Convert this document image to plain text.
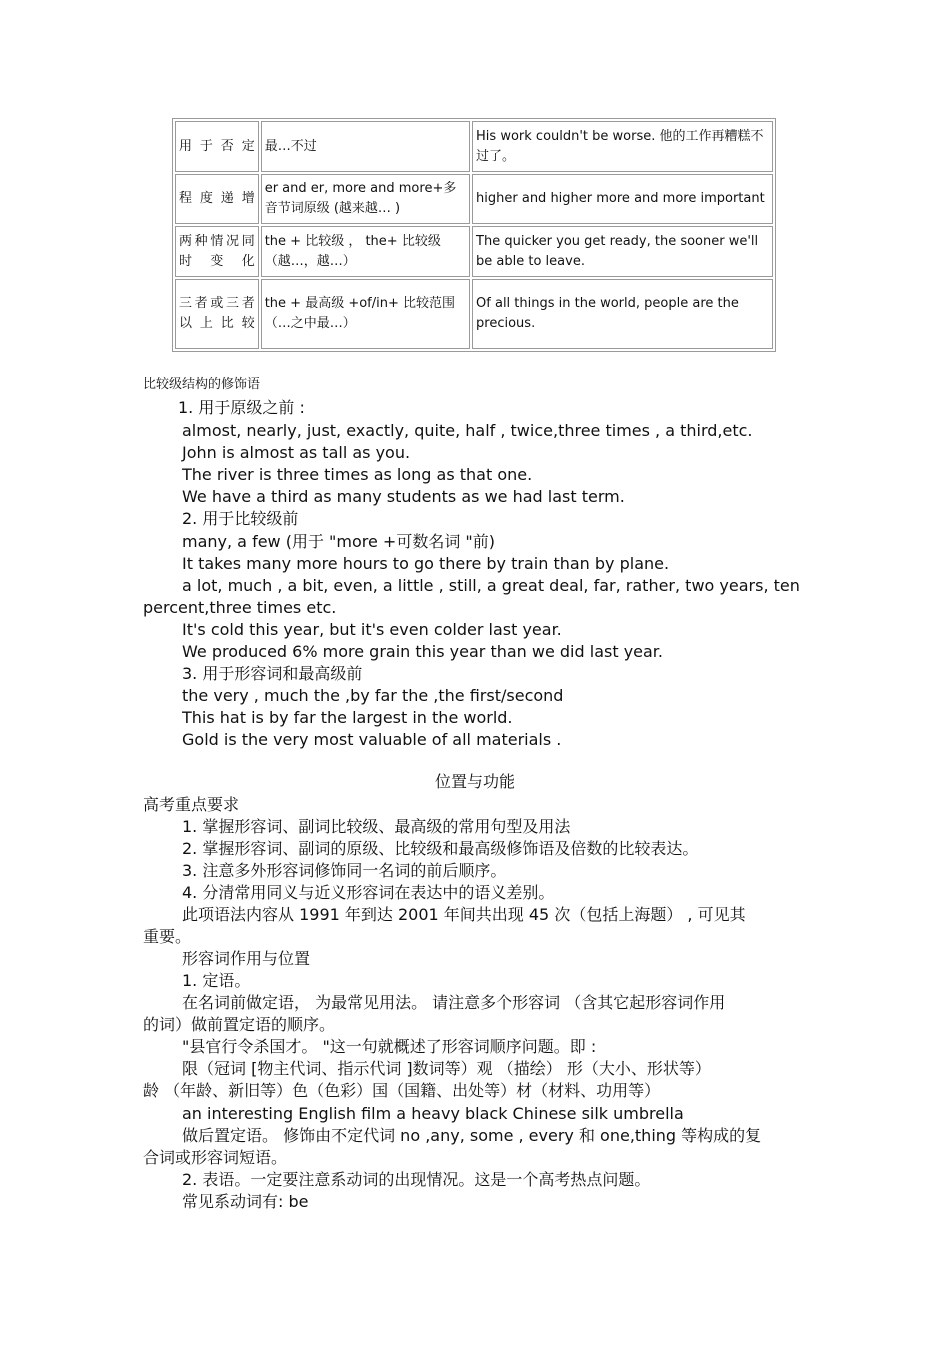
用于否定	最…不过	His work couldn't be worse. 他的工作再糟糕不过了。
程度递增	er and er, more and more+多音节词原级 (越来越… )	higher and higher more and more important
两种情况同时变化	the + 比较级 ， the+ 比较级（越…，越…）	The quicker you get ready, the sooner we'll be able to leave.
三者或三者以上比较	the + 最高级 +of/in+ 比较范围（…之中最…）	Of all things in the world, people are the precious.
比较级结构的修饰语
1. 用于原级之前 :
almost, nearly, just, exactly, quite, half , twice,three times , a third,etc.
John is almost as tall as you.
The river is three times as long as that one.
We have a third as many students as we had last term.
2. 用于比较级前
many, a few (用于 "more +可数名词 "前)
It takes many more hours to go there by train than by plane.
a lot, much , a bit, even, a little , still, a great deal, far, rather, two years, ten
percent,three times etc.
It's cold this year, but it's even colder last year.
We produced 6% more grain this year than we did last year.
3. 用于形容词和最高级前
the very , much the ,by far the ,the first/second
This hat is by far the largest in the world.
Gold is the very most valuable of all materials .
位置与功能
高考重点要求
1. 掌握形容词、副词比较级、最高级的常用句型及用法
2. 掌握形容词、副词的原级、比较级和最高级修饰语及倍数的比较表达。
3. 注意多外形容词修饰同一名词的前后顺序。
4. 分清常用同义与近义形容词在表达中的语义差别。
此项语法内容从 1991 年到达 2001 年间共出现 45 次（包括上海题） , 可见其
重要。
形容词作用与位置
1. 定语。
在名词前做定语， 为最常见用法。 请注意多个形容词 （含其它起形容词作用
的词）做前置定语的顺序。
"县官行令杀国才。 "这一句就概述了形容词顺序问题。即 :
限（冠词 [物主代词、指示代词 ]数词等）观 （描绘） 形（大小、形状等）
龄 （年龄、新旧等）色（色彩）国（国籍、出处等）材（材料、功用等）
an interesting English film a heavy black Chinese silk umbrella
做后置定语。 修饰由不定代词 no ,any, some , every 和 one,thing 等构成的复
合词或形容词短语。
2. 表语。一定要注意系动词的出现情况。这是一个高考热点问题。
常见系动词有: be
